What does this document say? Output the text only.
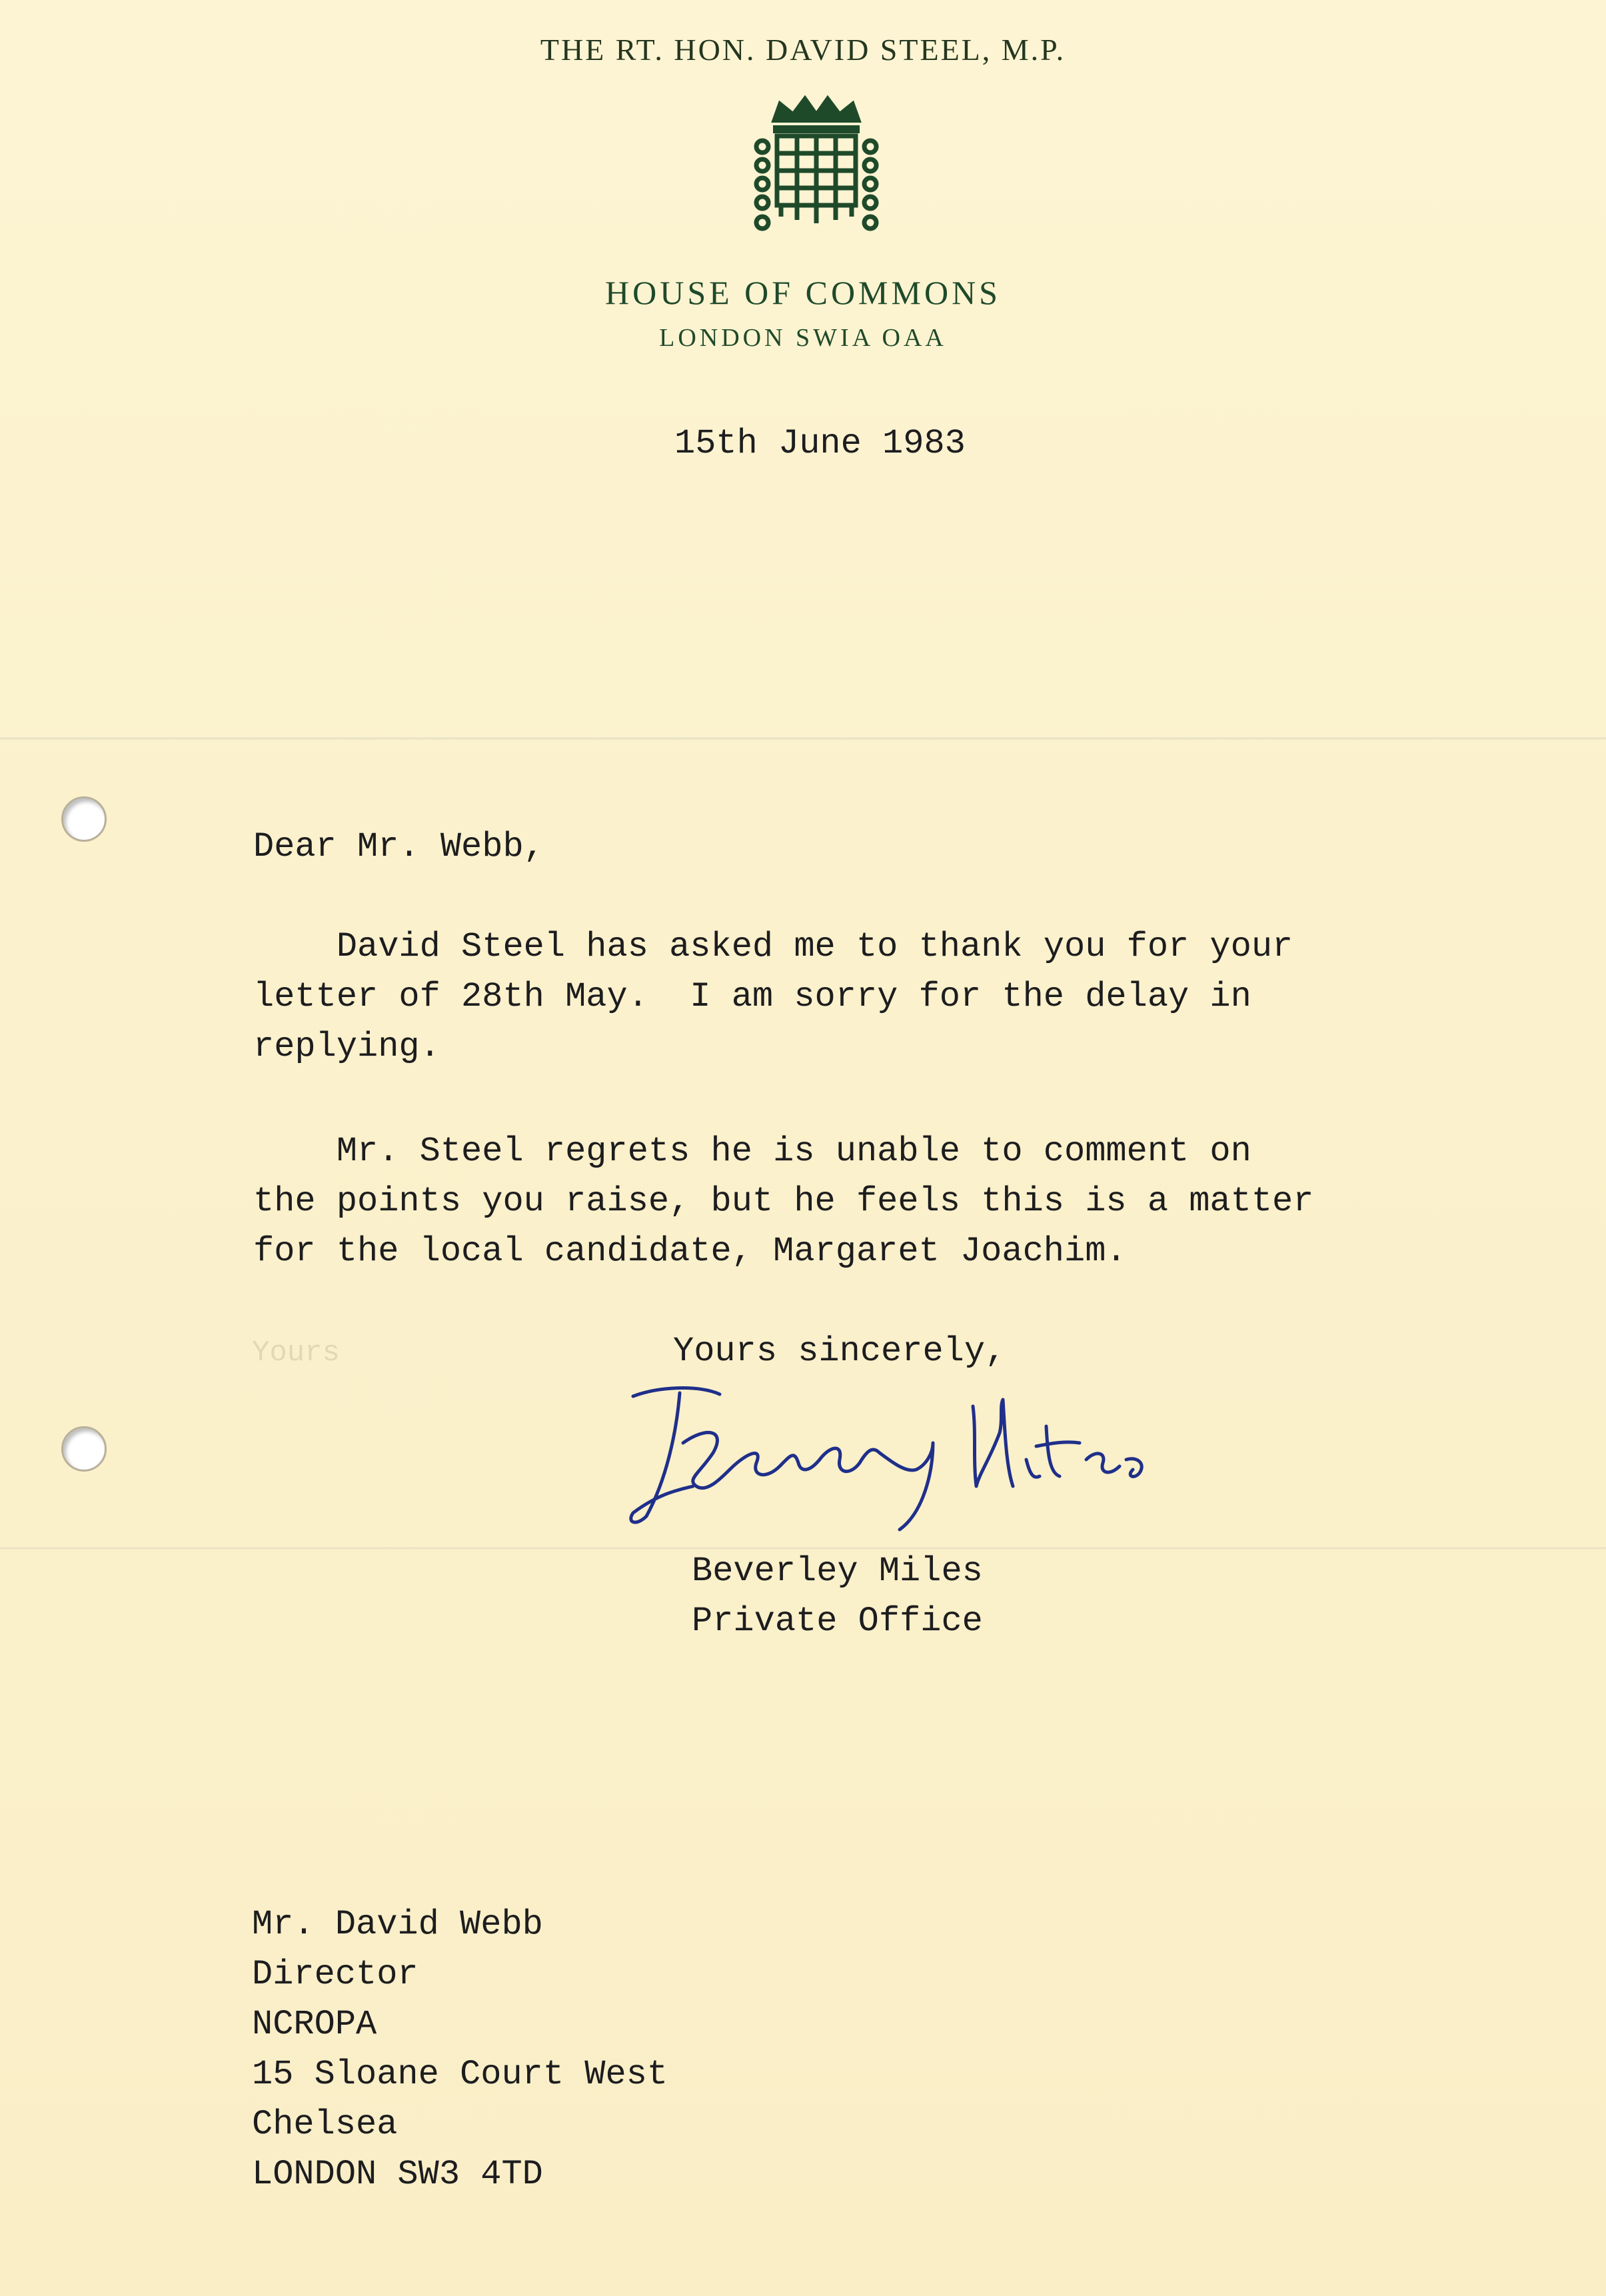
THE RT. HON. DAVID STEEL, M.P.
HOUSE OF COMMONS
LONDON SWIA OAA
15th June 1983
Dear Mr. Webb,
David Steel has asked me to thank you for your
letter of 28th May.  I am sorry for the delay in
replying.
Mr. Steel regrets he is unable to comment on
the points you raise, but he feels this is a matter
for the local candidate, Margaret Joachim.
Yours	Yours sincerely,
Beverley Miles
Private Office
Mr. David Webb
Director
NCROPA
15 Sloane Court West
Chelsea
LONDON SW3 4TD
